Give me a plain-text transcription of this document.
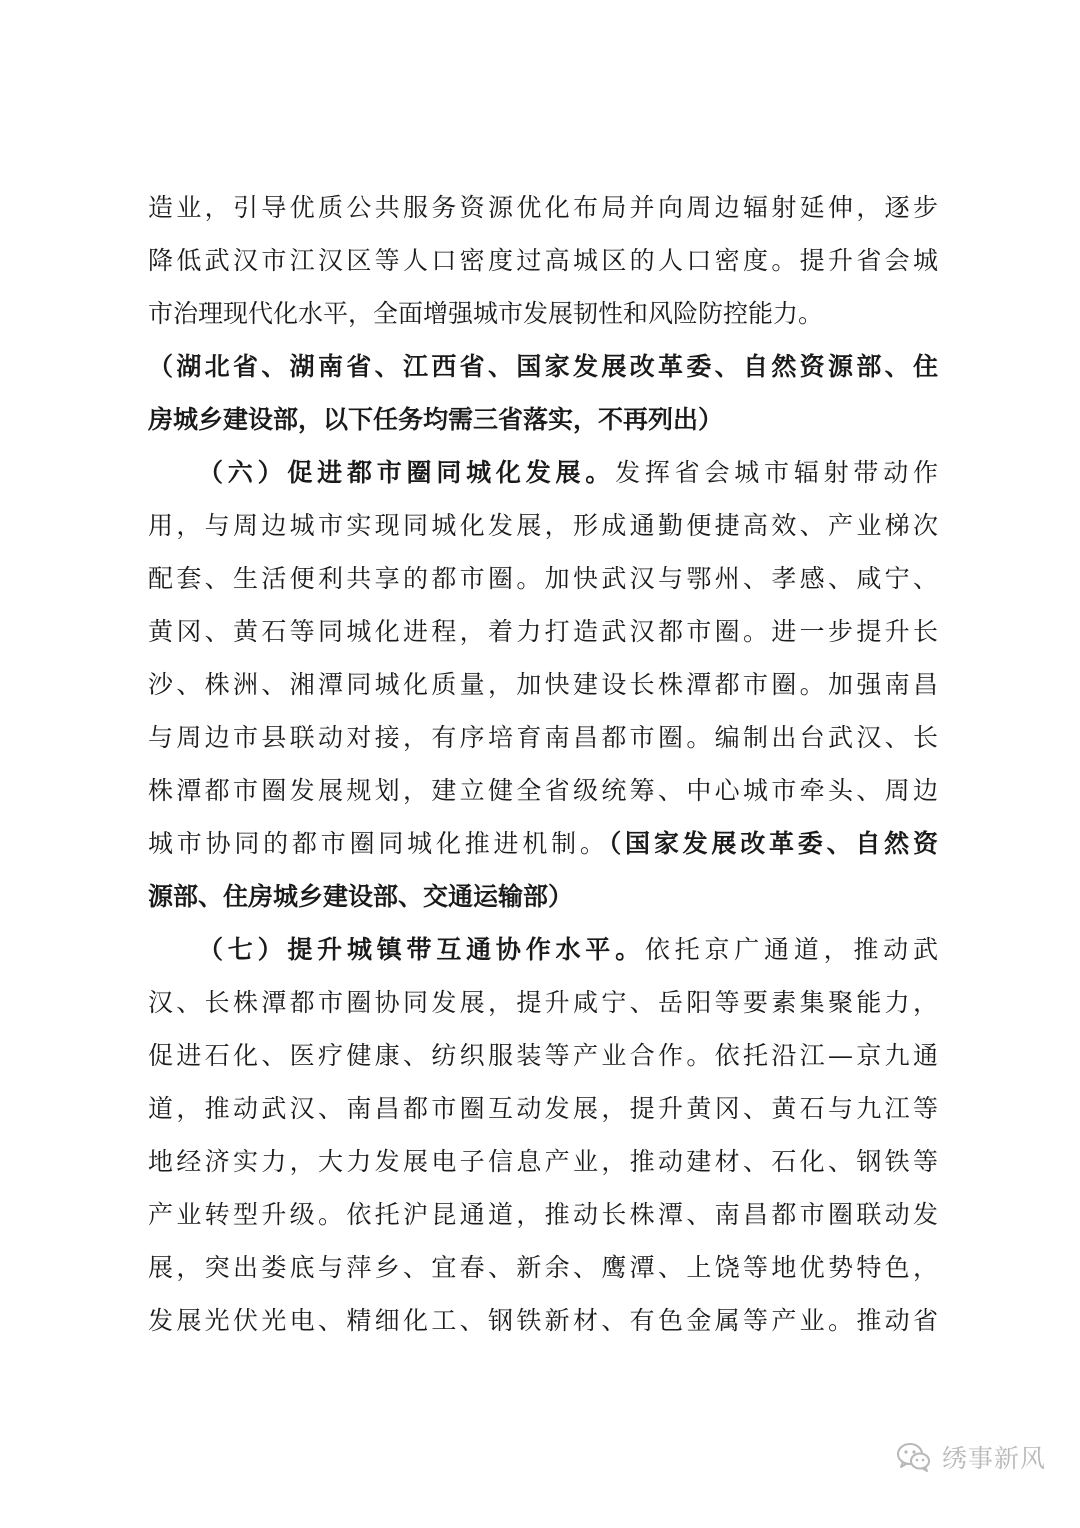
造业，引导优质公共服务资源优化布局并向周边辐射延伸，逐步
降低武汉市江汉区等人口密度过高城区的人口密度。提升省会城
市治理现代化水平，全面增强城市发展韧性和风险防控能力。
（湖北省、湖南省、江西省、国家发展改革委、自然资源部、住
房城乡建设部，以下任务均需三省落实，不再列出）
（六）促进都市圈同城化发展。发挥省会城市辐射带动作
用，与周边城市实现同城化发展，形成通勤便捷高效、产业梯次
配套、生活便利共享的都市圈。加快武汉与鄂州、孝感、咸宁、
黄冈、黄石等同城化进程，着力打造武汉都市圈。进一步提升长
沙、株洲、湘潭同城化质量，加快建设长株潭都市圈。加强南昌
与周边市县联动对接，有序培育南昌都市圈。编制出台武汉、长
株潭都市圈发展规划，建立健全省级统筹、中心城市牵头、周边
城市协同的都市圈同城化推进机制。（国家发展改革委、自然资
源部、住房城乡建设部、交通运输部）
（七）提升城镇带互通协作水平。依托京广通道，推动武
汉、长株潭都市圈协同发展，提升咸宁、岳阳等要素集聚能力，
促进石化、医疗健康、纺织服装等产业合作。依托沿江—京九通
道，推动武汉、南昌都市圈互动发展，提升黄冈、黄石与九江等
地经济实力，大力发展电子信息产业，推动建材、石化、钢铁等
产业转型升级。依托沪昆通道，推动长株潭、南昌都市圈联动发
展，突出娄底与萍乡、宜春、新余、鹰潭、上饶等地优势特色，
发展光伏光电、精细化工、钢铁新材、有色金属等产业。推动省
绣事新风
